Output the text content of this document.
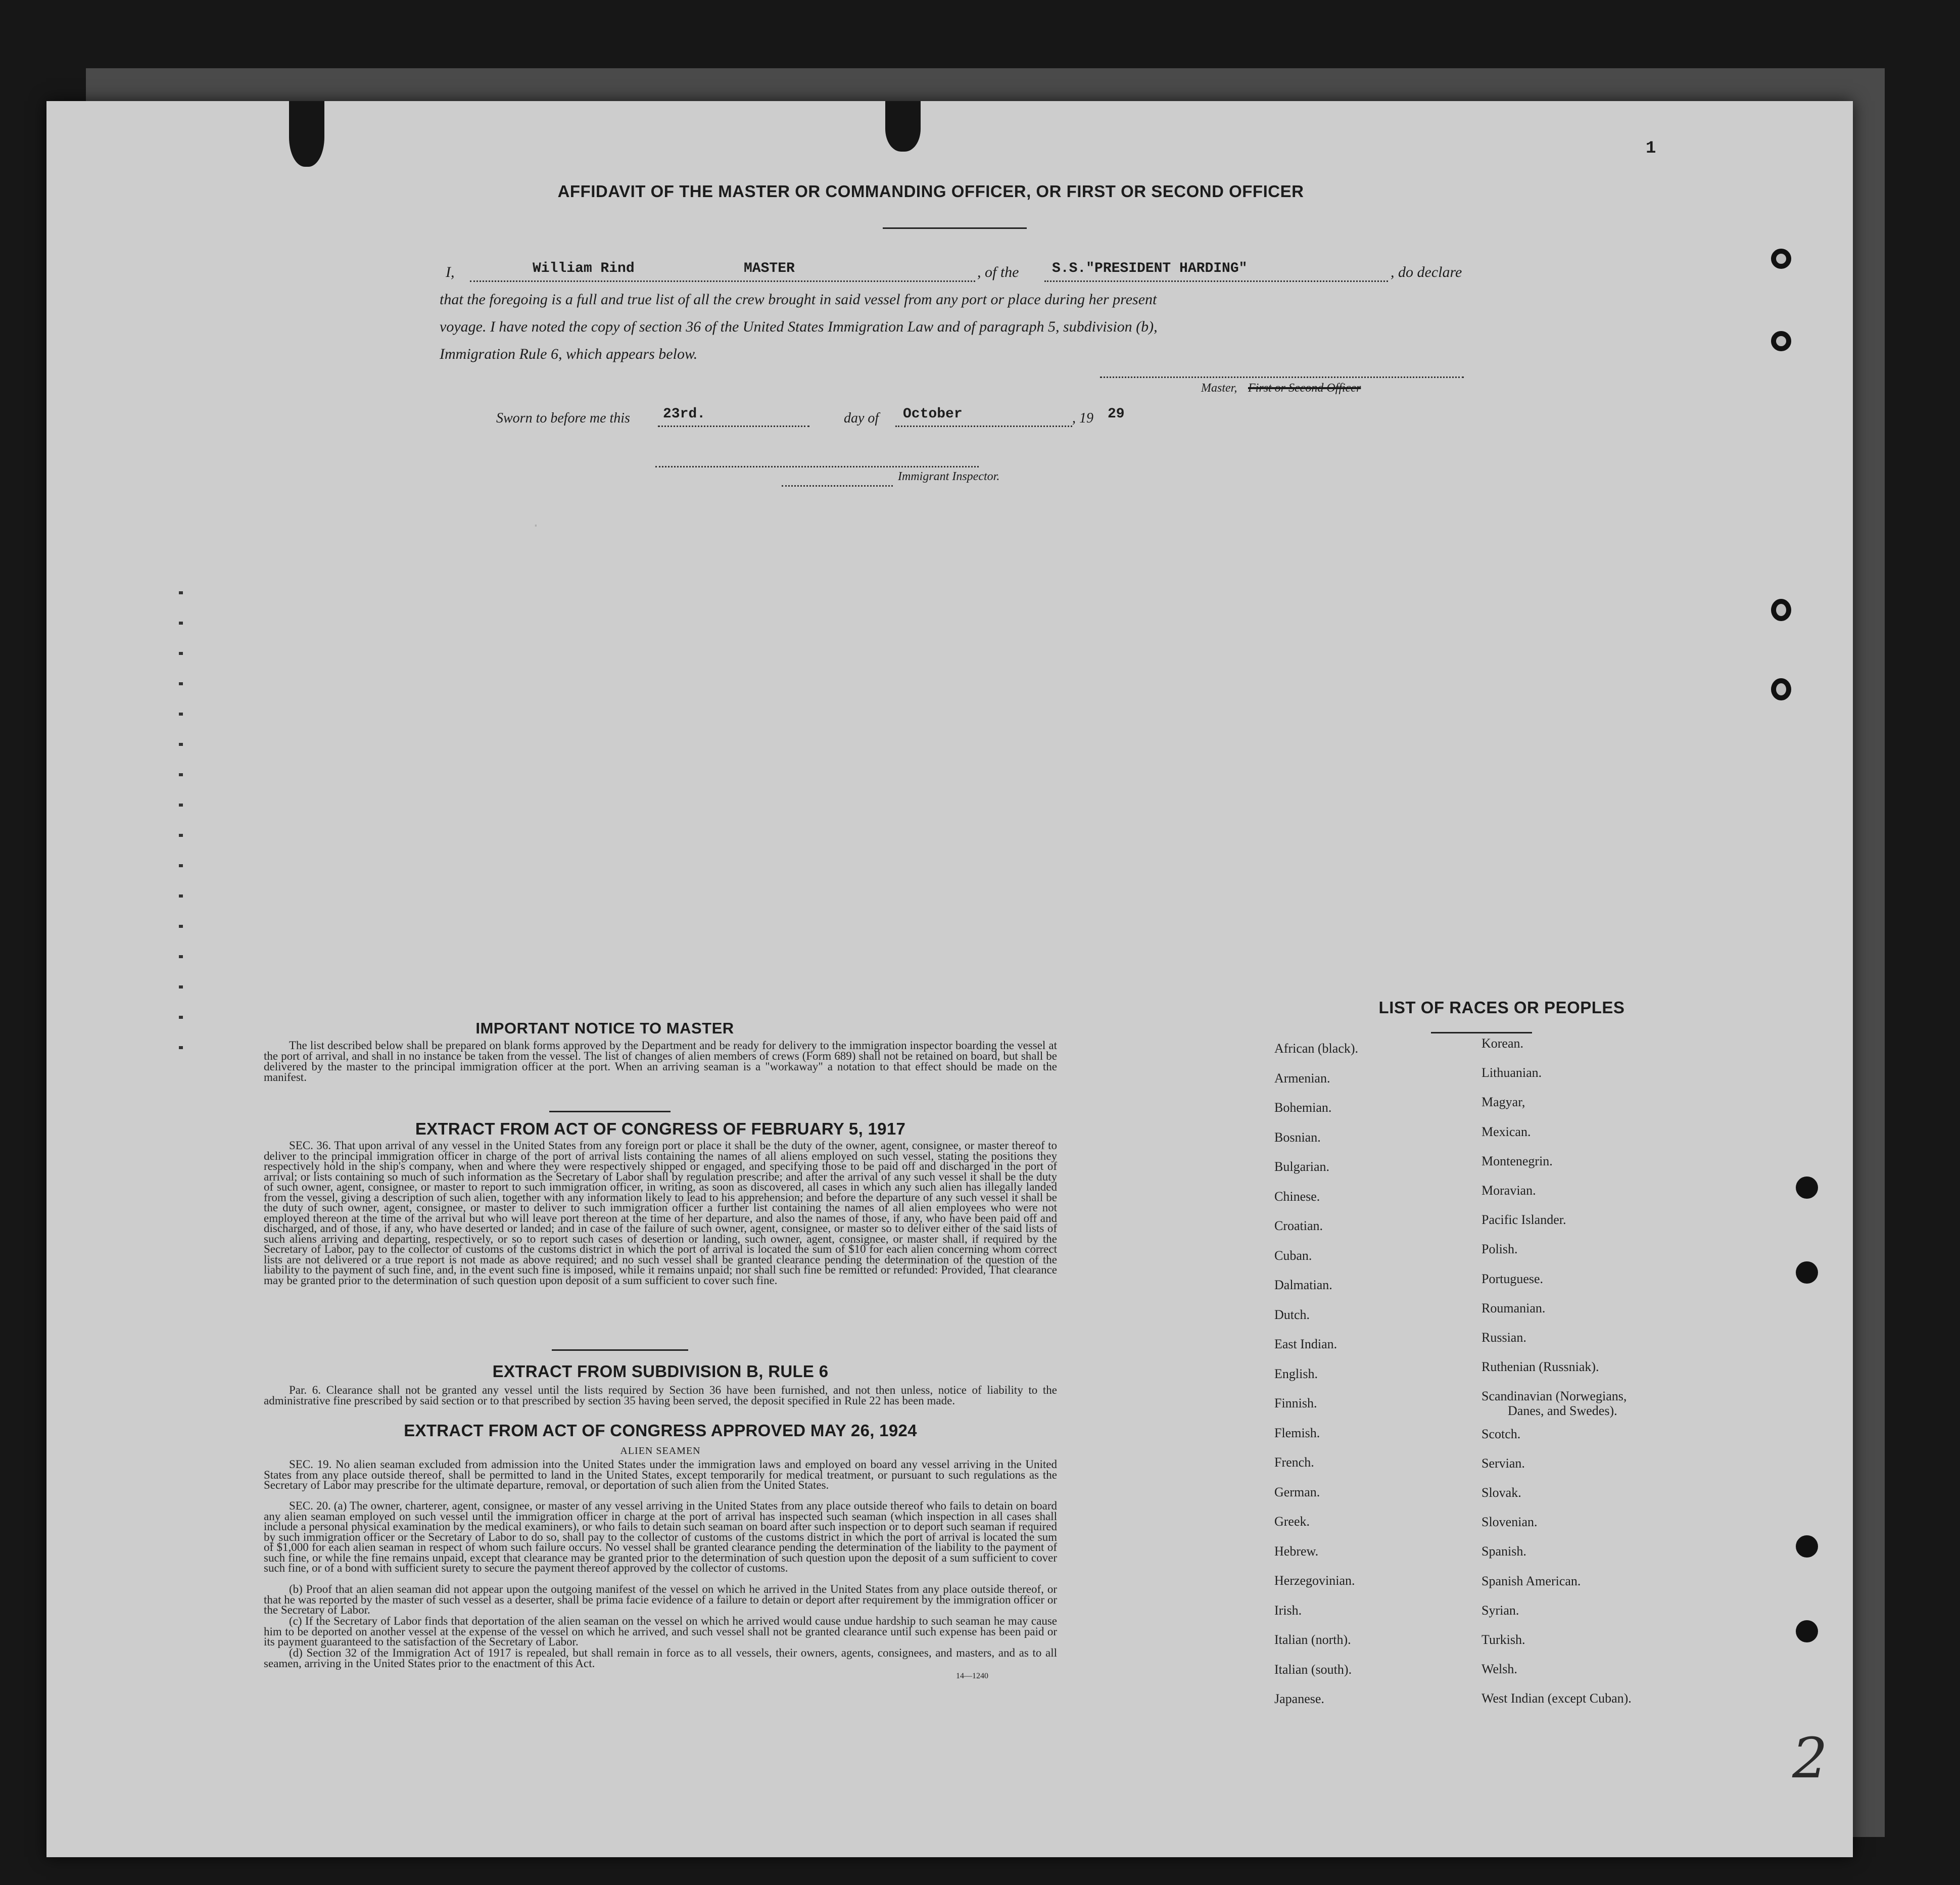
1
.
AFFIDAVIT OF THE MASTER OR COMMANDING OFFICER, OR FIRST OR SECOND OFFICER
I,	William Rind	MASTER	, of the S.S."PRESIDENT HARDING"	, do declare
that the foregoing is a full and true list of all the crew brought in said vessel from any port or place during her present
voyage. I have noted the copy of section 36 of the United States Immigration Law and of paragraph 5, subdivision (b),
Immigration Rule 6, which appears below.
Master, First or Second Officer
Sworn to before me this 23rd.	day of October	, 19 29
Immigrant Inspector.
IMPORTANT NOTICE TO MASTER
The list described below shall be prepared on blank forms approved by the Department and be ready for delivery to the immigration inspector boarding the vessel at the port of arrival, and shall in no instance be taken from the vessel. The list of changes of alien members of crews (Form 689) shall not be retained on board, but shall be delivered by the master to the principal immigration officer at the port. When an arriving seaman is a "workaway" a notation to that effect should be made on the manifest.
EXTRACT FROM ACT OF CONGRESS OF FEBRUARY 5, 1917
SEC. 36. That upon arrival of any vessel in the United States from any foreign port or place it shall be the duty of the owner, agent, consignee, or master thereof to deliver to the principal immigration officer in charge of the port of arrival lists containing the names of all aliens employed on such vessel, stating the positions they respectively hold in the ship's company, when and where they were respectively shipped or engaged, and specifying those to be paid off and discharged in the port of arrival; or lists containing so much of such information as the Secretary of Labor shall by regulation prescribe; and after the arrival of any such vessel it shall be the duty of such owner, agent, consignee, or master to report to such immigration officer, in writing, as soon as discovered, all cases in which any such alien has illegally landed from the vessel, giving a description of such alien, together with any information likely to lead to his apprehension; and before the departure of any such vessel it shall be the duty of such owner, agent, consignee, or master to deliver to such immigration officer a further list containing the names of all alien employees who were not employed thereon at the time of the arrival but who will leave port thereon at the time of her departure, and also the names of those, if any, who have been paid off and discharged, and of those, if any, who have deserted or landed; and in case of the failure of such owner, agent, consignee, or master so to deliver either of the said lists of such aliens arriving and departing, respectively, or so to report such cases of desertion or landing, such owner, agent, consignee, or master shall, if required by the Secretary of Labor, pay to the collector of customs of the customs district in which the port of arrival is located the sum of $10 for each alien concerning whom correct lists are not delivered or a true report is not made as above required; and no such vessel shall be granted clearance pending the determination of the question of the liability to the payment of such fine, and, in the event such fine is imposed, while it remains unpaid; nor shall such fine be remitted or refunded: Provided, That clearance may be granted prior to the determination of such question upon deposit of a sum sufficient to cover such fine.
EXTRACT FROM SUBDIVISION B, RULE 6
Par. 6. Clearance shall not be granted any vessel until the lists required by Section 36 have been furnished, and not then unless, notice of liability to the administrative fine prescribed by said section or to that prescribed by section 35 having been served, the deposit specified in Rule 22 has been made.
EXTRACT FROM ACT OF CONGRESS APPROVED MAY 26, 1924
ALIEN SEAMEN
SEC. 19. No alien seaman excluded from admission into the United States under the immigration laws and employed on board any vessel arriving in the United States from any place outside thereof, shall be permitted to land in the United States, except temporarily for medical treatment, or pursuant to such regulations as the Secretary of Labor may prescribe for the ultimate departure, removal, or deportation of such alien from the United States.
SEC. 20. (a) The owner, charterer, agent, consignee, or master of any vessel arriving in the United States from any place outside thereof who fails to detain on board any alien seaman employed on such vessel until the immigration officer in charge at the port of arrival has inspected such seaman (which inspection in all cases shall include a personal physical examination by the medical examiners), or who fails to detain such seaman on board after such inspection or to deport such seaman if required by such immigration officer or the Secretary of Labor to do so, shall pay to the collector of customs of the customs district in which the port of arrival is located the sum of $1,000 for each alien seaman in respect of whom such failure occurs. No vessel shall be granted clearance pending the determination of the liability to the payment of such fine, or while the fine remains unpaid, except that clearance may be granted prior to the determination of such question upon the deposit of a sum sufficient to cover such fine, or of a bond with sufficient surety to secure the payment thereof approved by the collector of customs.
(b) Proof that an alien seaman did not appear upon the outgoing manifest of the vessel on which he arrived in the United States from any place outside thereof, or that he was reported by the master of such vessel as a deserter, shall be prima facie evidence of a failure to detain or deport after requirement by the immigration officer or the Secretary of Labor.
(c) If the Secretary of Labor finds that deportation of the alien seaman on the vessel on which he arrived would cause undue hardship to such seaman he may cause him to be deported on another vessel at the expense of the vessel on which he arrived, and such vessel shall not be granted clearance until such expense has been paid or its payment guaranteed to the satisfaction of the Secretary of Labor.
(d) Section 32 of the Immigration Act of 1917 is repealed, but shall remain in force as to all vessels, their owners, agents, consignees, and masters, and as to all seamen, arriving in the United States prior to the enactment of this Act.
14—1240
LIST OF RACES OR PEOPLES
African (black).
Armenian.
Bohemian.
Bosnian.
Bulgarian.
Chinese.
Croatian.
Cuban.
Dalmatian.
Dutch.
East Indian.
English.
Finnish.
Flemish.
French.
German.
Greek.
Hebrew.
Herzegovinian.
Irish.
Italian (north).
Italian (south).
Japanese.
Korean.
Lithuanian.
Magyar,
Mexican.
Montenegrin.
Moravian.
Pacific Islander.
Polish.
Portuguese.
Roumanian.
Russian.
Ruthenian (Russniak).
Scandinavian (Norwegians,
Danes, and Swedes).
Scotch.
Servian.
Slovak.
Slovenian.
Spanish.
Spanish American.
Syrian.
Turkish.
Welsh.
West Indian (except Cuban).
2
